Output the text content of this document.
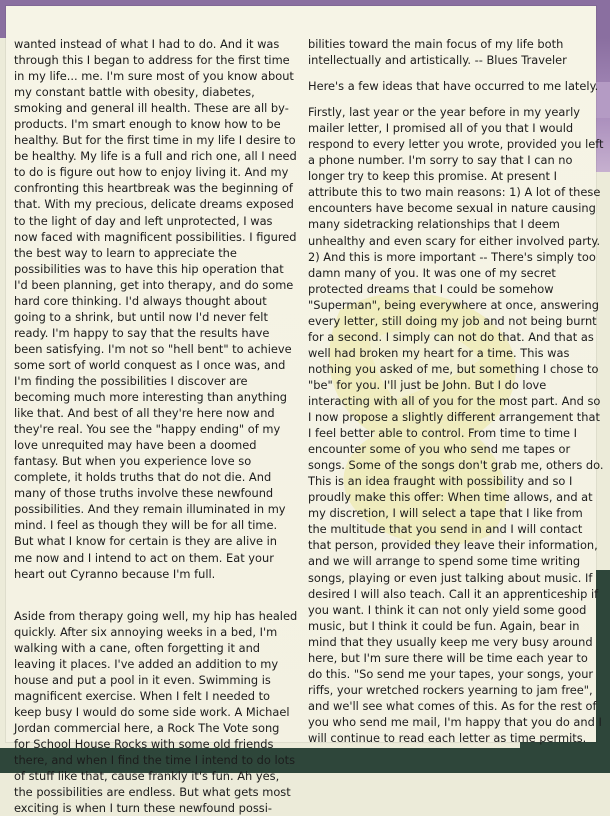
wanted instead of what I had to do. And it was through this I began to address for the first time in my life... me. I'm sure most of you know about my constant battle with obesity, diabetes, smoking and general ill health. These are all by-products. I'm smart enough to know how to be healthy. But for the first time in my life I desire to be healthy. My life is a full and rich one, all I need to do is figure out how to enjoy living it. And my confronting this heartbreak was the beginning of that. With my precious, delicate dreams exposed to the light of day and left unprotected, I was now faced with magnificent possibilities. I figured the best way to learn to appreciate the possibilities was to have this hip operation that I'd been planning, get into therapy, and do some hard core thinking. I'd always thought about going to a shrink, but until now I'd never felt ready. I'm happy to say that the results have been satisfying. I'm not so "hell bent" to achieve some sort of world conquest as I once was, and I'm finding the possibilities I discover are becoming much more interesting than anything like that. And best of all they're here now and they're real. You see the "happy ending" of my love unrequited may have been a doomed fantasy. But when you experience love so complete, it holds truths that do not die. And many of those truths involve these newfound possibilities. And they remain illuminated in my mind. I feel as though they will be for all time. But what I know for certain is they are alive in me now and I intend to act on them. Eat your heart out Cyranno because I'm full.

Aside from therapy going well, my hip has healed quickly. After six annoying weeks in a bed, I'm walking with a cane, often forgetting it and leaving it places. I've added an addition to my house and put a pool in it even. Swimming is magnificent exercise. When I felt I needed to keep busy I would do some side work. A Michael Jordan commercial here, a Rock The Vote song for School House Rocks with some old friends there, and when I find the time I intend to do lots of stuff like that, cause frankly it's fun. Ah yes, the possibilities are endless. But what gets most exciting is when I turn these newfound possi-

bilities toward the main focus of my life both intellectually and artistically. -- Blues Traveler

Here's a few ideas that have occurred to me lately.

Firstly, last year or the year before in my yearly mailer letter, I promised all of you that I would respond to every letter you wrote, provided you left a phone number. I'm sorry to say that I can no longer try to keep this promise. At present I attribute this to two main reasons: 1) A lot of these encounters have become sexual in nature causing many sidetracking relationships that I deem unhealthy and even scary for either involved party. 2) And this is more important -- There's simply too damn many of you. It was one of my secret protected dreams that I could be somehow "Superman", being everywhere at once, answering every letter, still doing my job and not being burnt for a second. I simply can not do that. And that as well had broken my heart for a time. This was nothing you asked of me, but something I chose to "be" for you. I'll just be John. But I do love interacting with all of you for the most part. And so I now propose a slightly different arrangement that I feel better able to control. From time to time I encounter some of you who send me tapes or songs. Some of the songs don't grab me, others do. This is an idea fraught with possibility and so I proudly make this offer: When time allows, and at my discretion, I will select a tape that I like from the multitude that you send in and I will contact that person, provided they leave their information, and we will arrange to spend some time writing songs, playing or even just talking about music. If desired I will also teach. Call it an apprenticeship if you want. I think it can not only yield some good music, but I think it could be fun. Again, bear in mind that they usually keep me very busy around here, but I'm sure there will be time each year to do this. "So send me your tapes, your songs, your riffs, your wretched rockers yearning to jam free", and we'll see what comes of this. As for the rest of you who send me mail, I'm happy that you do and I will continue to read each letter as time permits.
